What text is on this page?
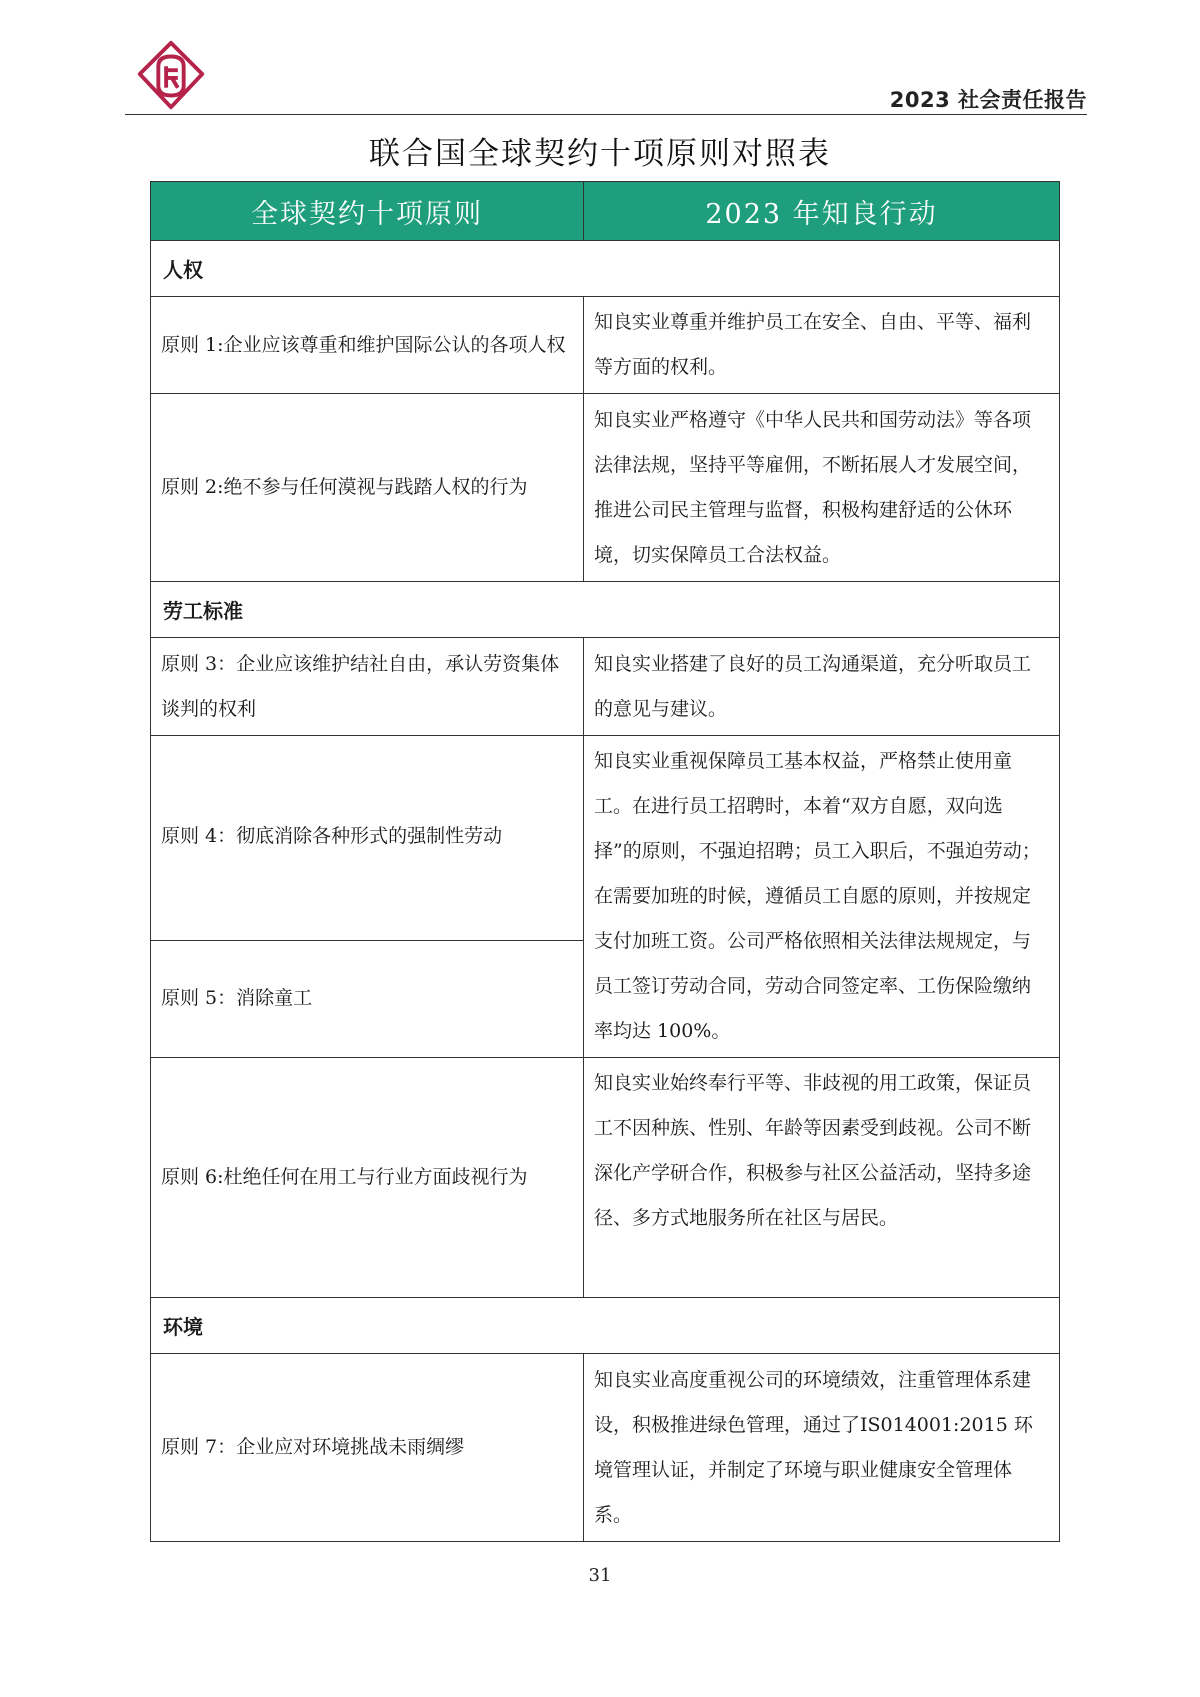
2023 社会责任报告
联合国全球契约十项原则对照表
全球契约十项原则	2023 年知良行动
人权	
原则 1:企业应该尊重和维护国际公认的各项人权	知良实业尊重并维护员工在安全、自由、平等、福利等方面的权利。
原则 2:绝不参与任何漠视与践踏人权的行为	知良实业严格遵守《中华人民共和国劳动法》等各项法律法规，坚持平等雇佣，不断拓展人才发展空间，推进公司民主管理与监督，积极构建舒适的公休环境，切实保障员工合法权益。
劳工标准	
原则 3：企业应该维护结社自由，承认劳资集体谈判的权利	知良实业搭建了良好的员工沟通渠道，充分听取员工的意见与建议。
原则 4：彻底消除各种形式的强制性劳动	知良实业重视保障员工基本权益，严格禁止使用童工。在进行员工招聘时，本着“双方自愿，双向选择”的原则，不强迫招聘；员工入职后，不强迫劳动；在需要加班的时候，遵循员工自愿的原则，并按规定支付加班工资。公司严格依照相关法律法规规定，与员工签订劳动合同，劳动合同签定率、工伤保险缴纳率均达 100%。
原则 5：消除童工	
原则 6:杜绝任何在用工与行业方面歧视行为	知良实业始终奉行平等、非歧视的用工政策，保证员工不因种族、性别、年龄等因素受到歧视。公司不断深化产学研合作，积极参与社区公益活动，坚持多途径、多方式地服务所在社区与居民。
环境	
原则 7：企业应对环境挑战未雨绸缪	知良实业高度重视公司的环境绩效，注重管理体系建设，积极推进绿色管理，通过了IS014001:2015 环境管理认证，并制定了环境与职业健康安全管理体系。
31
